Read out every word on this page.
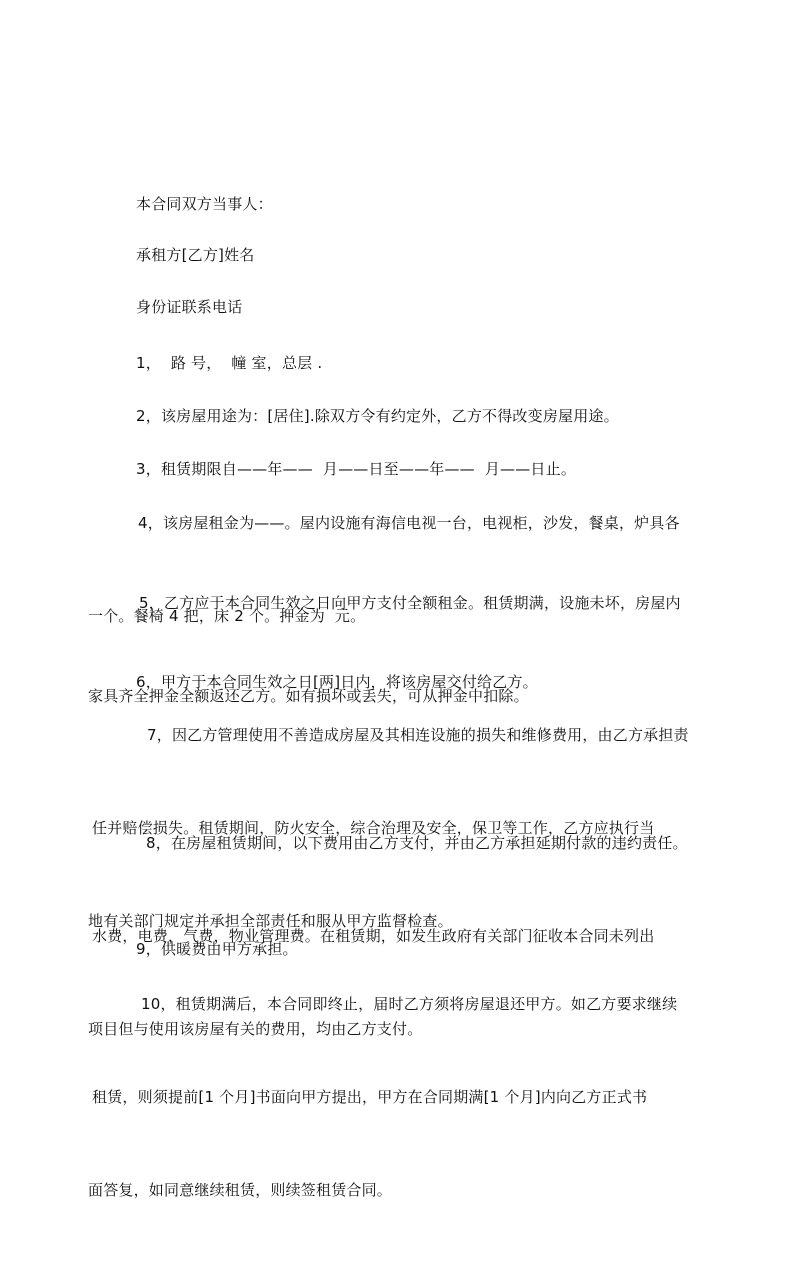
本合同双方当事人：

承租方[乙方]姓名

身份证联系电话

1，  路 号，  幢 室，总层 .

2，该房屋用途为：[居住].除双方令有约定外，乙方不得改变房屋用途。

3，租赁期限自——年——  月——日至——年——  月——日止。

4，该房屋租金为——。屋内设施有海信电视一台，电视柜，沙发，餐桌，炉具各

一个。餐椅 4 把，床 2 个。押金为  元。

5，乙方应于本合同生效之日向甲方支付全额租金。租赁期满，设施未坏，房屋内

家具齐全押金全额返还乙方。如有损坏或丢失，可从押金中扣除。

6，甲方于本合同生效之日[两]日内，将该房屋交付给乙方。

7，因乙方管理使用不善造成房屋及其相连设施的损失和维修费用，由乙方承担责

任并赔偿损失。租赁期间，防火安全，综合治理及安全，保卫等工作，乙方应执行当

地有关部门规定并承担全部责任和服从甲方监督检查。

8，在房屋租赁期间，以下费用由乙方支付，并由乙方承担延期付款的违约责任。

水费，电费，气费，物业管理费。在租赁期，如发生政府有关部门征收本合同未列出

项目但与使用该房屋有关的费用，均由乙方支付。

9，供暖费由甲方承担。

10，租赁期满后，本合同即终止，届时乙方须将房屋退还甲方。如乙方要求继续

租赁，则须提前[1 个月]书面向甲方提出，甲方在合同期满[1 个月]内向乙方正式书

面答复，如同意继续租赁，则续签租赁合同。
